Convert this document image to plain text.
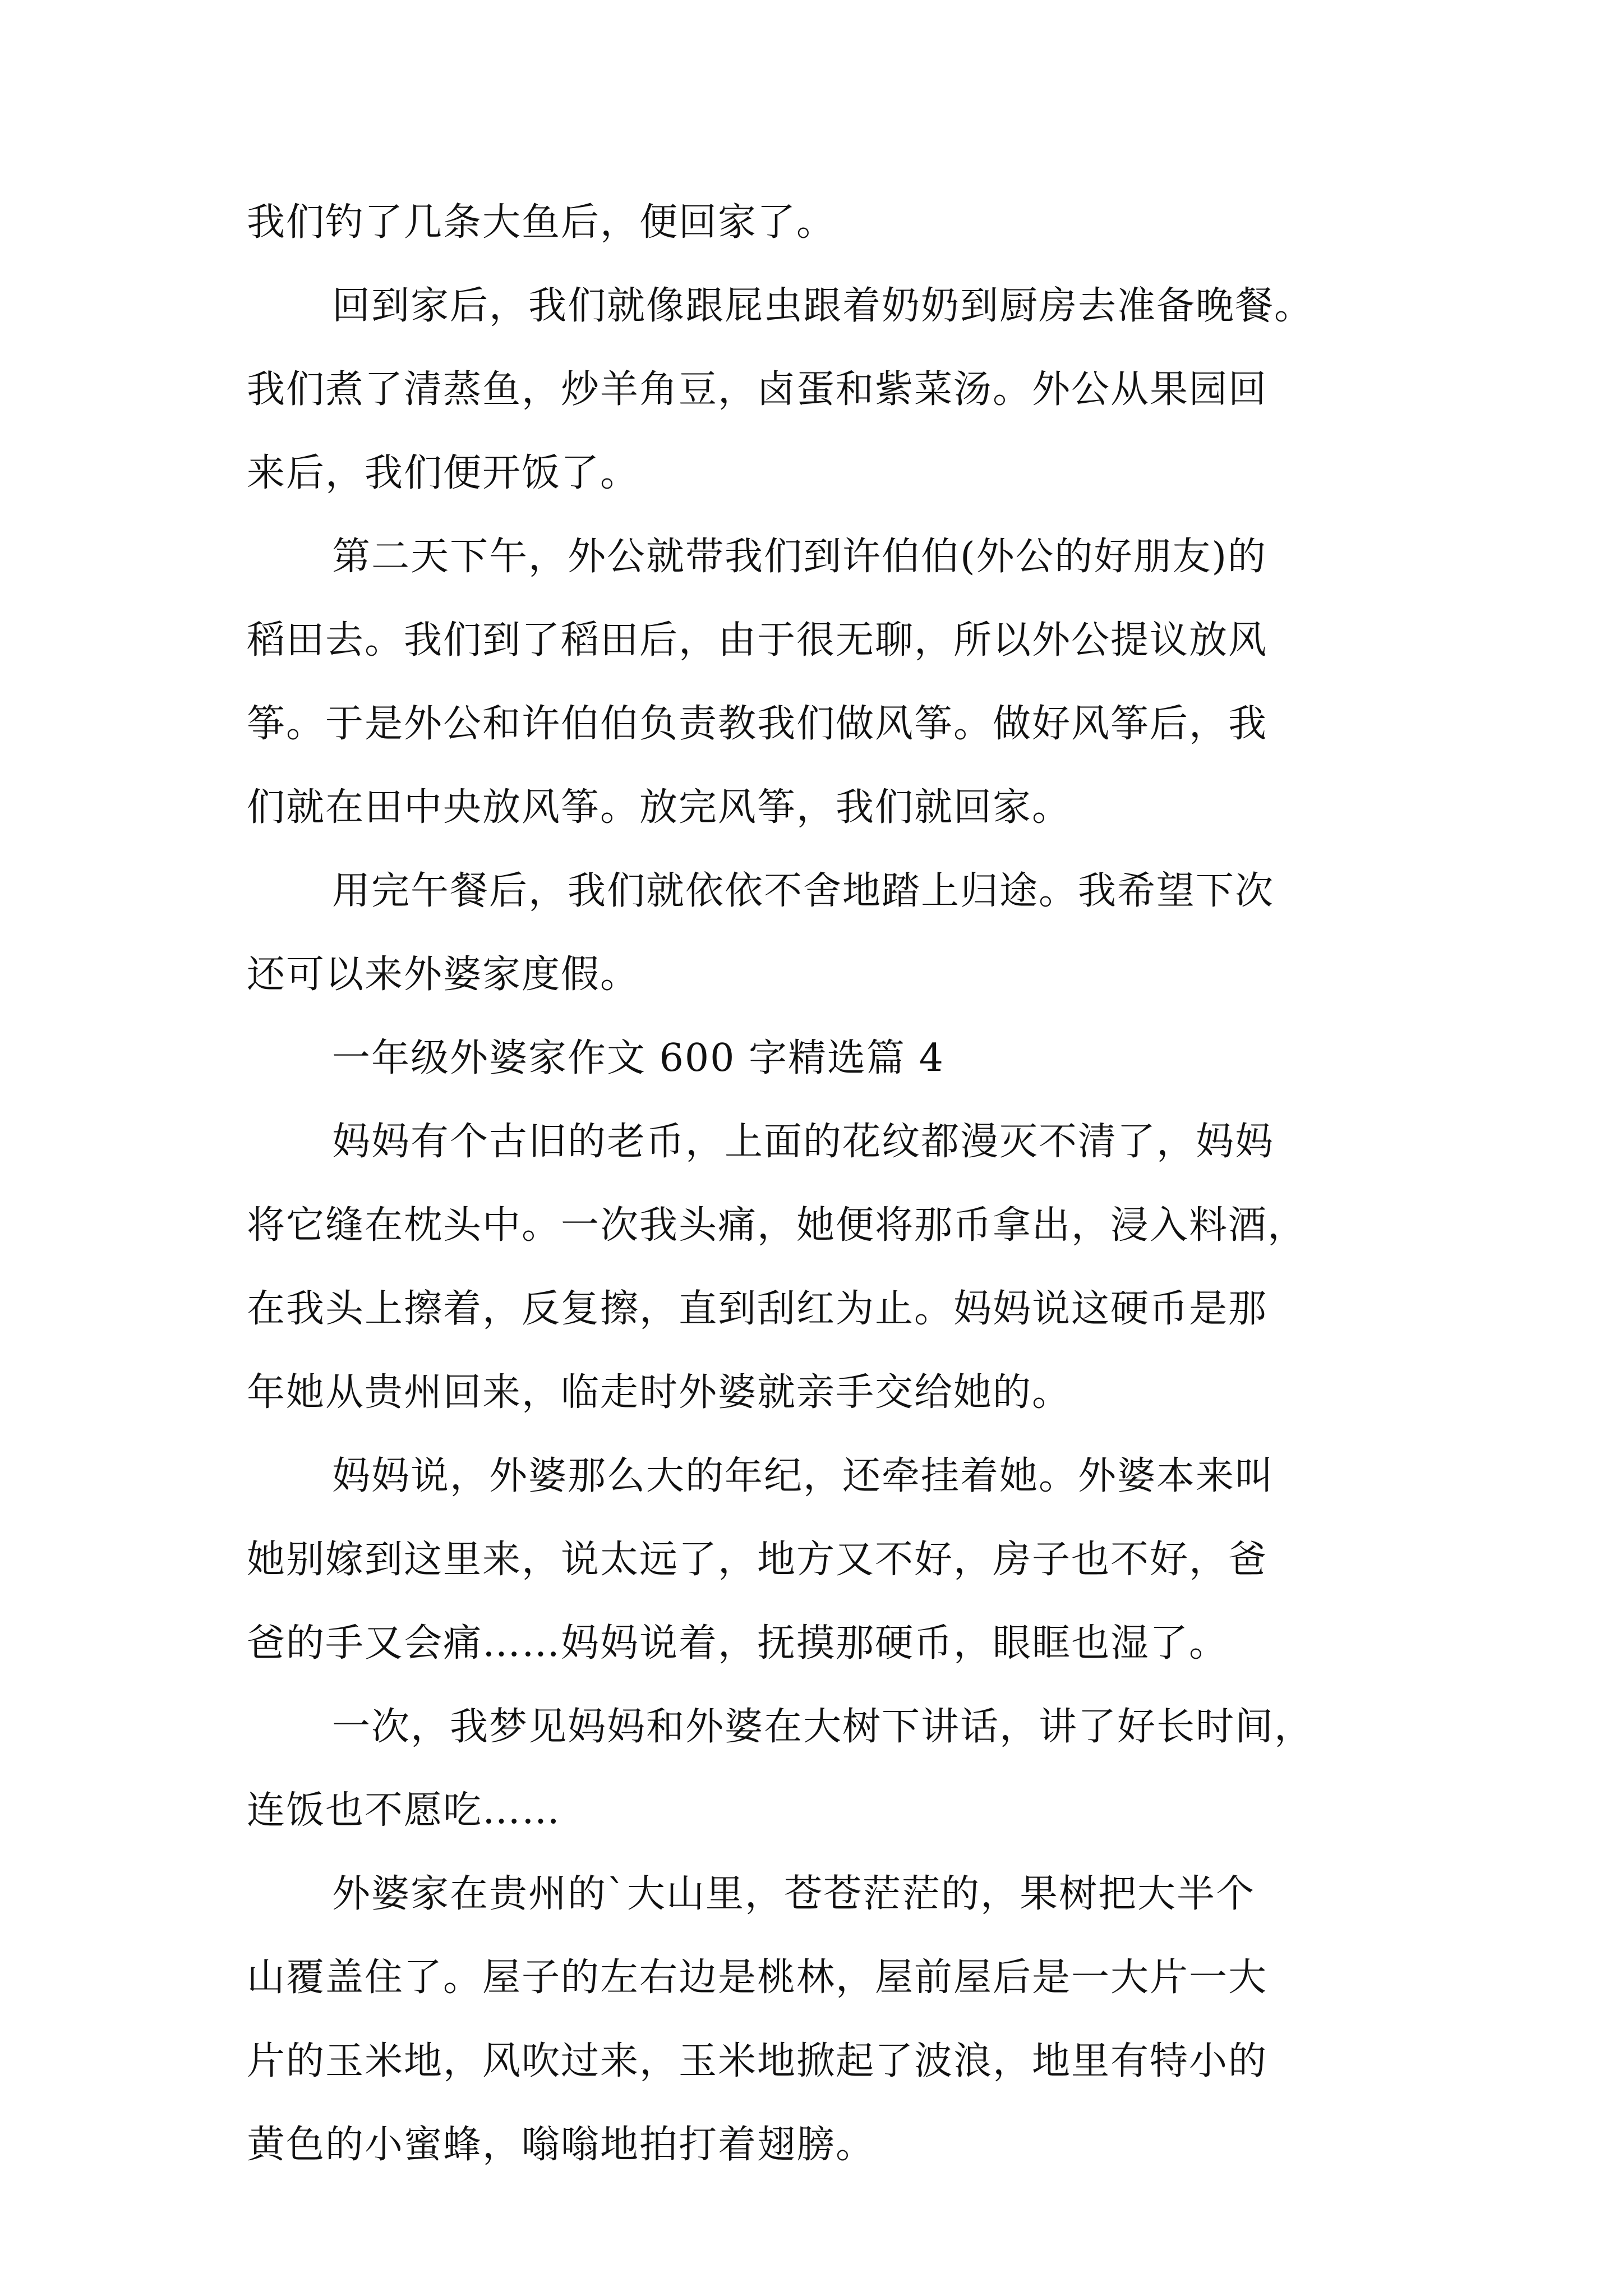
我们钓了几条大鱼后，便回家了。
回到家后，我们就像跟屁虫跟着奶奶到厨房去准备晚餐。
我们煮了清蒸鱼，炒羊角豆，卤蛋和紫菜汤。外公从果园回
来后，我们便开饭了。
第二天下午，外公就带我们到许伯伯(外公的好朋友)的
稻田去。我们到了稻田后，由于很无聊，所以外公提议放风
筝。于是外公和许伯伯负责教我们做风筝。做好风筝后，我
们就在田中央放风筝。放完风筝，我们就回家。
用完午餐后，我们就依依不舍地踏上归途。我希望下次
还可以来外婆家度假。
一年级外婆家作文 600 字精选篇 4
妈妈有个古旧的老币，上面的花纹都漫灭不清了，妈妈
将它缝在枕头中。一次我头痛，她便将那币拿出，浸入料酒，
在我头上擦着，反复擦，直到刮红为止。妈妈说这硬币是那
年她从贵州回来，临走时外婆就亲手交给她的。
妈妈说，外婆那么大的年纪，还牵挂着她。外婆本来叫
她别嫁到这里来，说太远了，地方又不好，房子也不好，爸
爸的手又会痛……妈妈说着，抚摸那硬币，眼眶也湿了。
一次，我梦见妈妈和外婆在大树下讲话，讲了好长时间，
连饭也不愿吃……
外婆家在贵州的`大山里，苍苍茫茫的，果树把大半个
山覆盖住了。屋子的左右边是桃林，屋前屋后是一大片一大
片的玉米地，风吹过来，玉米地掀起了波浪，地里有特小的
黄色的小蜜蜂，嗡嗡地拍打着翅膀。
